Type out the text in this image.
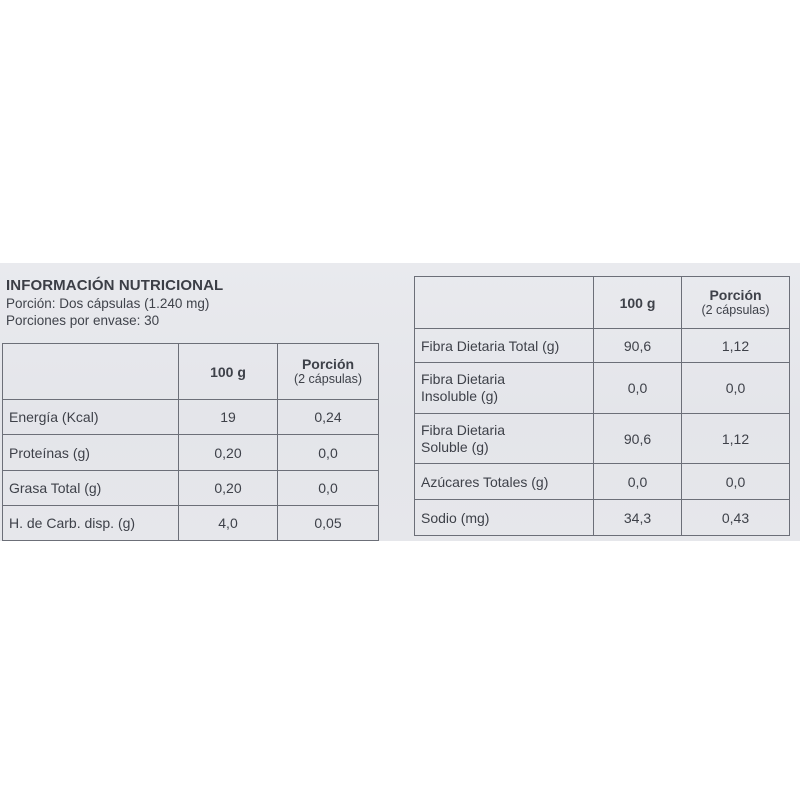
INFORMACIÓN NUTRICIONAL
Porción: Dos cápsulas (1.240 mg)
Porciones por envase: 30

	100 g	Porción
(2 cápsulas)

Energía (Kcal)	19	0,24
Proteínas (g)	0,20	0,0
Grasa Total (g)	0,20	0,0
H. de Carb. disp. (g)	4,0	0,05

	100 g	Porción
(2 cápsulas)

Fibra Dietaria Total (g)	90,6	1,12

Fibra Dietaria
Insoluble (g)	0,0	0,0

Fibra Dietaria
Soluble (g)	90,6	1,12
Azúcares Totales (g)	0,0	0,0
Sodio (mg)	34,3	0,43
